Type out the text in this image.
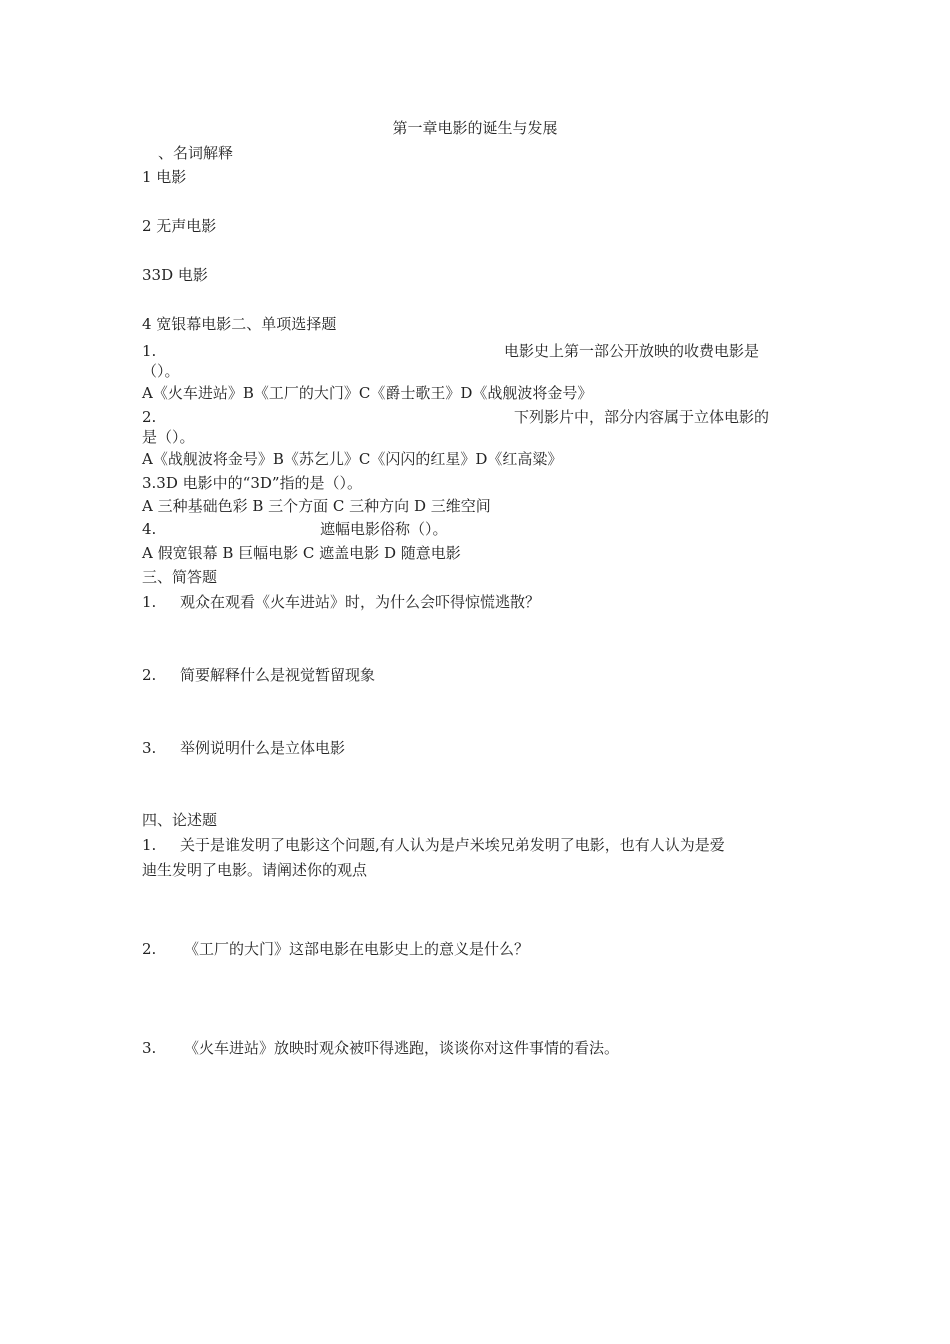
第一章电影的诞生与发展
、名词解释
1 电影
2 无声电影
33D 电影
4 宽银幕电影二、单项选择题
1.	电影史上第一部公开放映的收费电影是
（）。
A《火车进站》B《工厂的大门》C《爵士歌王》D《战舰波将金号》
2.	下列影片中，部分内容属于立体电影的
是（）。
A《战舰波将金号》B《苏乞儿》C《闪闪的红星》D《红高粱》
3.3D 电影中的“3D”指的是（）。
A 三种基础色彩 B 三个方面 C 三种方向 D 三维空间
4.	遮幅电影俗称（）。
A 假宽银幕 B 巨幅电影 C 遮盖电影 D 随意电影
三、简答题
1. 观众在观看《火车进站》时，为什么会吓得惊慌逃散？
2. 简要解释什么是视觉暂留现象
3. 举例说明什么是立体电影
四、论述题
1. 关于是谁发明了电影这个问题,有人认为是卢米埃兄弟发明了电影，也有人认为是爱
迪生发明了电影。请阐述你的观点
2. 《工厂的大门》这部电影在电影史上的意义是什么？
3. 《火车进站》放映时观众被吓得逃跑，谈谈你对这件事情的看法。
